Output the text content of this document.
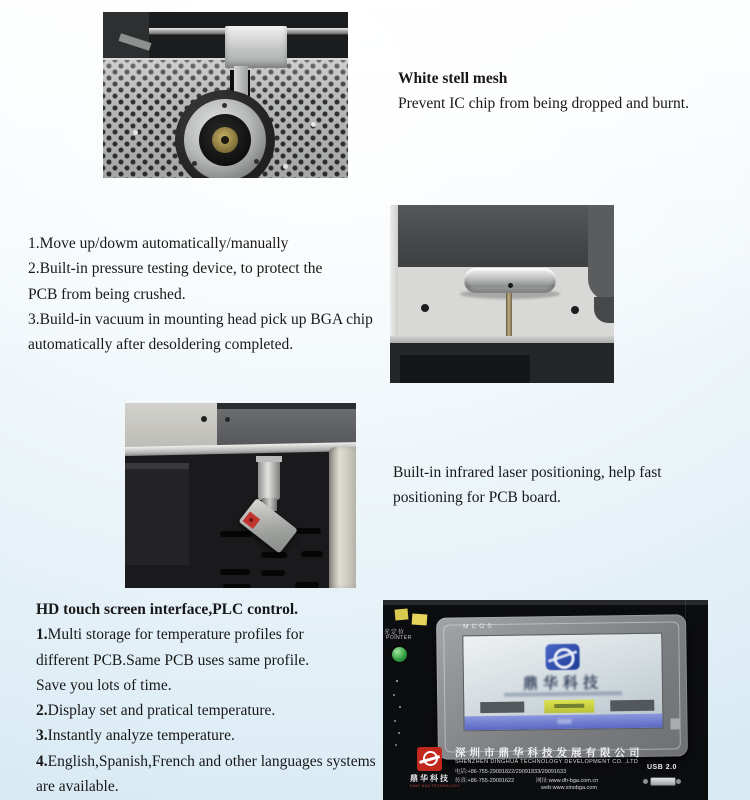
White stell mesh
Prevent IC chip from being dropped and burnt.
1.Move up/dowm automatically/manually
2.Built-in pressure testing device, to protect the
PCB from being crushed.
3.Build-in vacuum in mounting head pick up BGA chip
automatically after desoldering completed.
Built-in infrared laser positioning, help fast
positioning for PCB board.
HD touch screen interface,PLC control.
1.Multi storage for temperature profiles for
different PCB.Same PCB uses same profile.
Save you lots of time.
2.Display set and pratical temperature.
3.Instantly analyze temperature.
4.English,Spanish,French and other languages systems
are available.
光定位
POINTER
MCGS
鼎华科技
鼎华科技
DING HUA TECHNOLOGY
深圳市鼎华科技发展有限公司
SHENZHEN DINGHUA TECHNOLOGY DEVELOPMENT CO. ,LTD
电话:+86-755-29091822/29091833/29091633
传真:+86-755-29091622	网址:www.dh-bga.com.cn
web:www.sinobga.com
USB 2.0
